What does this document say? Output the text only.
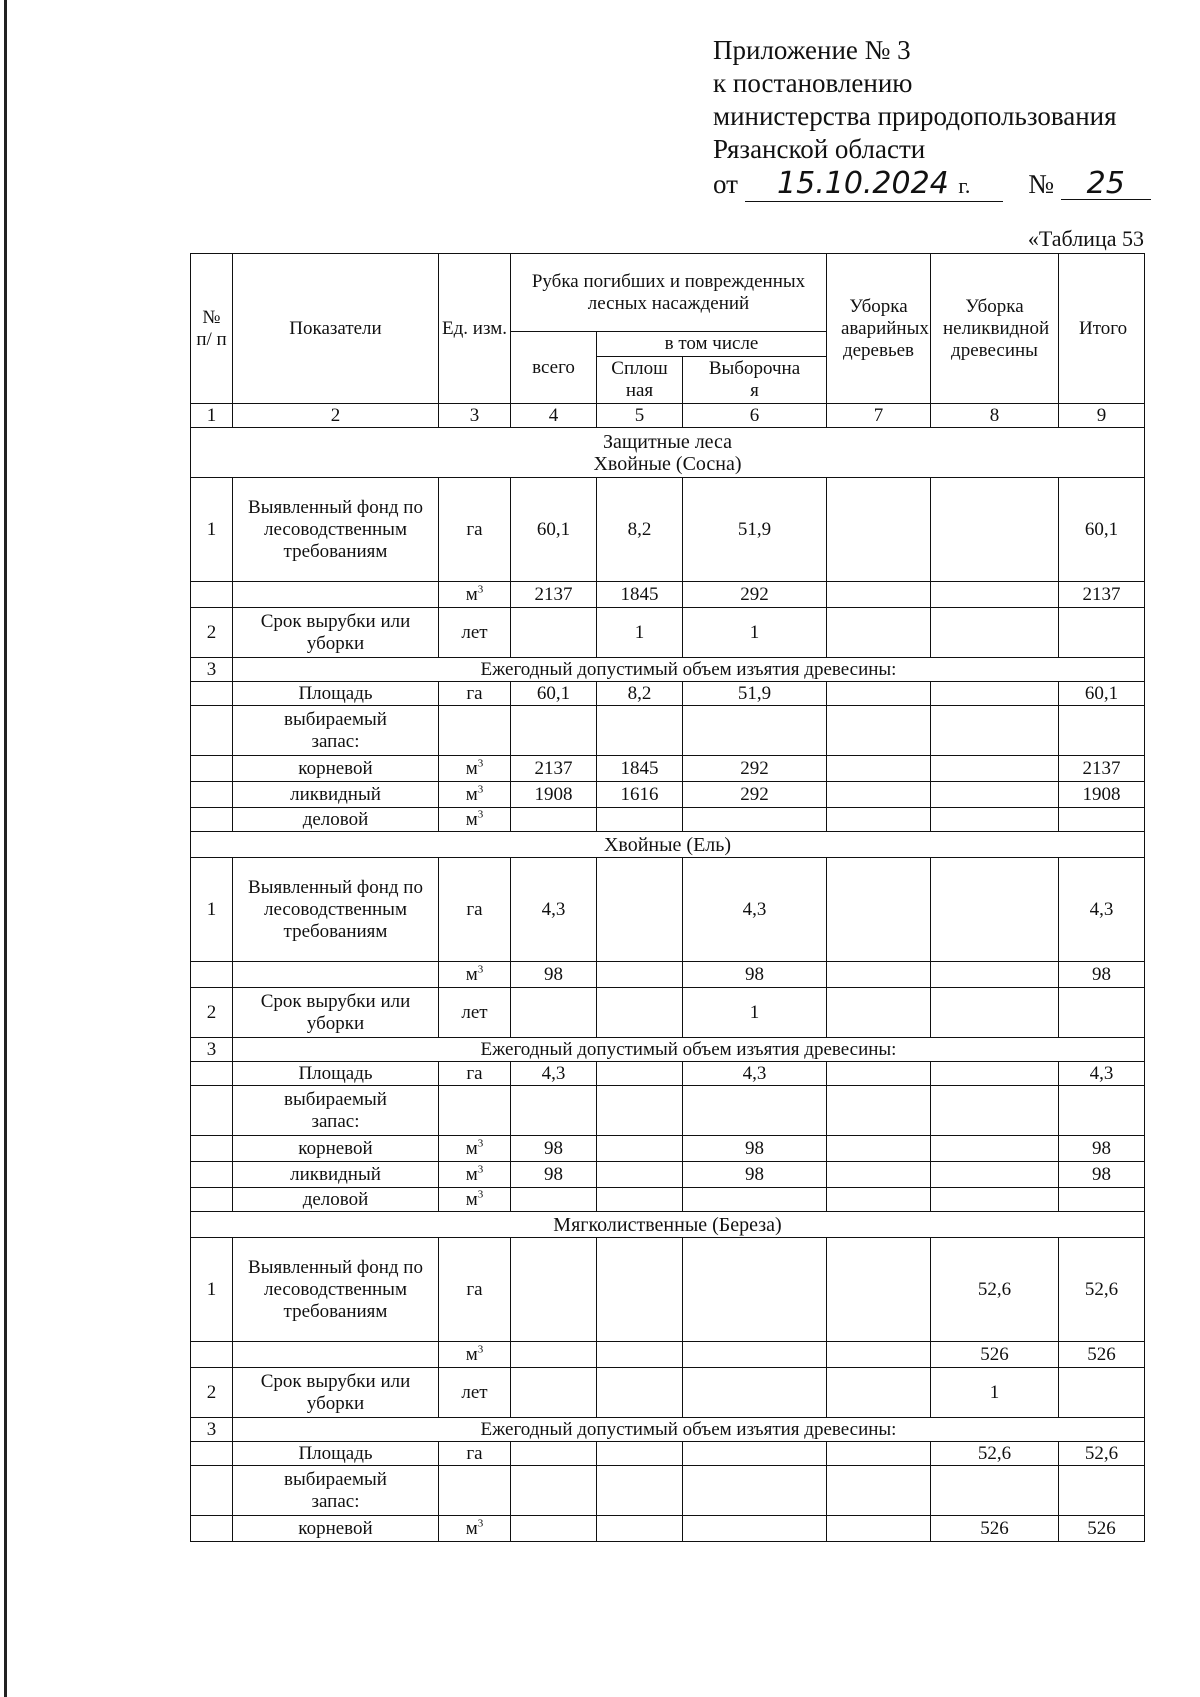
Приложение № 3
к постановлению
министерства природопользования
Рязанской области
от 15.10.2024 г. № 25
«Таблица 53
№ п/ п	Показатели	Ед. изм.	Рубка погибших и поврежденных лесных насаждений			Уборка аварийных деревьев	Уборка неликвидной древесины	Итого
			всего	в том числе				
				Сплошная	Выборочная			
1	2	3	4	5	6	7	8	9

Защитные леса
Хвойные (Сосна)								

1	Выявленный фонд по лесоводственным требованиям	га	60,1	8,2	51,9			60,1
		$м^3$	2137	1845	292			2137
2	Срок вырубки или уборки	лет		1	1			
3	Ежегодный допустимый объем изъятия древесины:							
	Площадь	га	60,1	8,2	51,9			60,1
	выбираемый запас:							
	корневой	$м^3$	2137	1845	292			2137
	ликвидный	$м^3$	1908	1616	292			1908
	деловой	$м^3$						
Хвойные (Ель)								
1	Выявленный фонд по лесоводственным требованиям	га	4,3		4,3			4,3
		$м^3$	98		98			98
2	Срок вырубки или уборки	лет			1			
3	Ежегодный допустимый объем изъятия древесины:							
	Площадь	га	4,3		4,3			4,3
	выбираемый запас:							
	корневой	$м^3$	98		98			98
	ликвидный	$м^3$	98		98			98
	деловой	$м^3$						
Мягколиственные (Береза)								
1	Выявленный фонд по лесоводственным требованиям	га					52,6	52,6
		$м^3$					526	526
2	Срок вырубки или уборки	лет					1	
3	Ежегодный допустимый объем изъятия древесины:							
	Площадь	га					52,6	52,6
	выбираемый запас:							
	корневой	$м^3$					526	526
